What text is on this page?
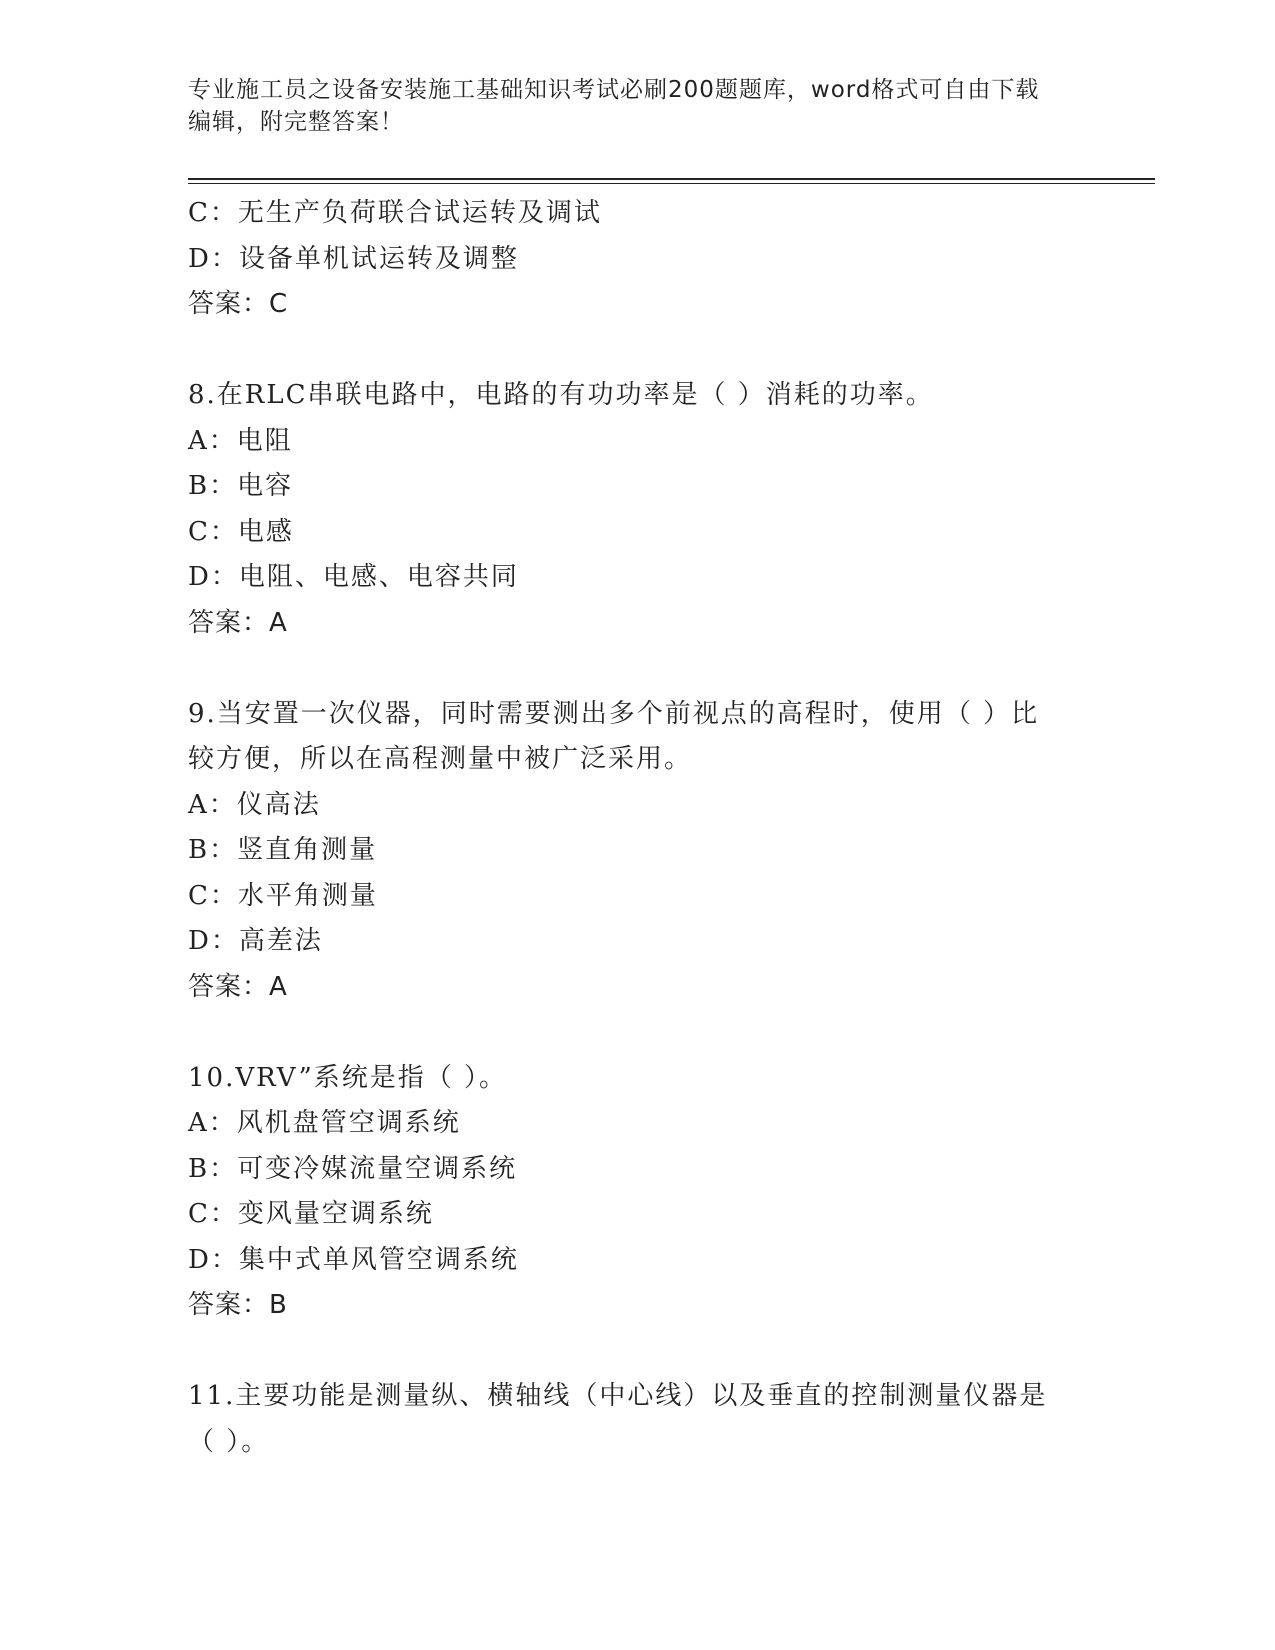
专业施工员之设备安装施工基础知识考试必刷200题题库，word格式可自由下载
编辑，附完整答案！

C：无生产负荷联合试运转及调试

D：设备单机试运转及调整

答案：C

8.在RLC串联电路中，电路的有功功率是（ ）消耗的功率。

A：电阻

B：电容

C：电感

D：电阻、电感、电容共同

答案：A

9.当安置一次仪器，同时需要测出多个前视点的高程时，使用（ ）比

较方便，所以在高程测量中被广泛采用。

A：仪高法

B：竖直角测量

C：水平角测量

D：高差法

答案：A

10.VRV”系统是指（ ）。

A：风机盘管空调系统

B：可变冷媒流量空调系统

C：变风量空调系统

D：集中式单风管空调系统

答案：B

11.主要功能是测量纵、横轴线（中心线）以及垂直的控制测量仪器是

（ ）。
